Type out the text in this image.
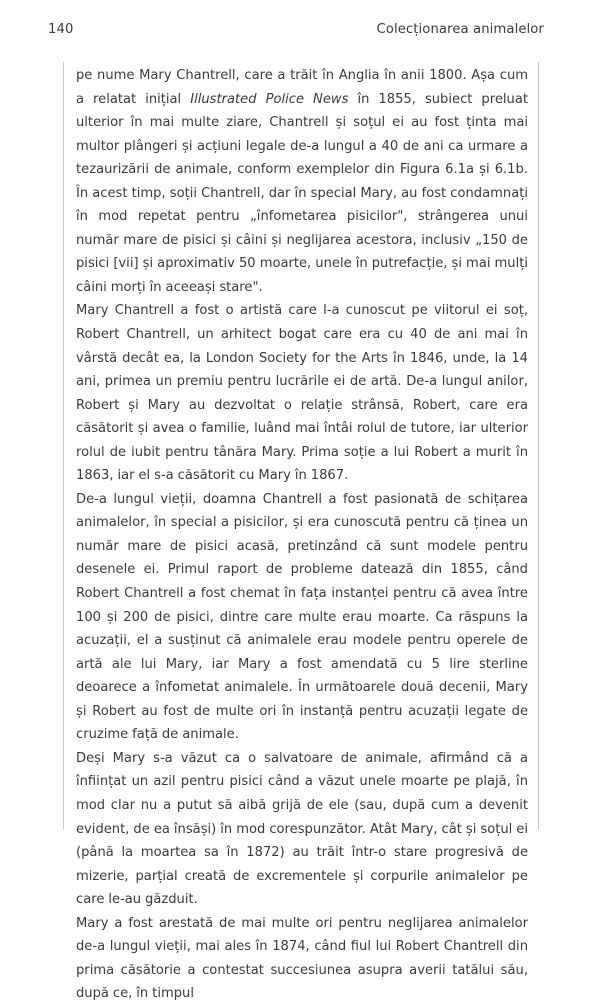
140	Colecționarea animalelor

pe nume Mary Chantrell, care a trăit în Anglia în anii 1800. Așa cum a relatat inițial Illustrated Police News în 1855, subiect preluat ulterior în mai multe ziare, Chantrell și soțul ei au fost ținta mai multor plângeri și acțiuni legale de-a lungul a 40 de ani ca urmare a tezaurizării de animale, conform exemplelor din Figura 6.1a și 6.1b. În acest timp, soții Chantrell, dar în special Mary, au fost condamnați în mod repetat pentru „înfometarea pisicilor", strângerea unui număr mare de pisici și câini și neglijarea acestora, inclusiv „150 de pisici [vii] și aproximativ 50 moarte, unele în putrefacție, și mai mulți câini morți în aceeași stare".

Mary Chantrell a fost o artistă care l-a cunoscut pe viitorul ei soț, Robert Chantrell, un arhitect bogat care era cu 40 de ani mai în vârstă decât ea, la London Society for the Arts în 1846, unde, la 14 ani, primea un premiu pentru lucrările ei de artă. De-a lungul anilor, Robert și Mary au dezvoltat o relație strânsă, Robert, care era căsătorit și avea o familie, luând mai întâi rolul de tutore, iar ulterior rolul de iubit pentru tânăra Mary. Prima soție a lui Robert a murit în 1863, iar el s-a căsătorit cu Mary în 1867.

De-a lungul vieții, doamna Chantrell a fost pasionată de schițarea animalelor, în special a pisicilor, și era cunoscută pentru că ținea un număr mare de pisici acasă, pretinzând că sunt modele pentru desenele ei. Primul raport de probleme datează din 1855, când Robert Chantrell a fost chemat în fața instanței pentru că avea între 100 și 200 de pisici, dintre care multe erau moarte. Ca răspuns la acuzații, el a susținut că animalele erau modele pentru operele de artă ale lui Mary, iar Mary a fost amendată cu 5 lire sterline deoarece a înfometat animalele. În următoarele două decenii, Mary și Robert au fost de multe ori în instanță pentru acuzații legate de cruzime față de animale.

Deși Mary s-a văzut ca o salvatoare de animale, afirmând că a înființat un azil pentru pisici când a văzut unele moarte pe plajă, în mod clar nu a putut să aibă grijă de ele (sau, după cum a devenit evident, de ea însăși) în mod corespunzător. Atât Mary, cât și soțul ei (până la moartea sa în 1872) au trăit într-o stare progresivă de mizerie, parțial creată de excrementele și corpurile animalelor pe care le-au găzduit.

Mary a fost arestată de mai multe ori pentru neglijarea animalelor de-a lungul vieții, mai ales în 1874, când fiul lui Robert Chantrell din prima căsătorie a contestat succesiunea asupra averii tatălui său, după ce, în timpul
